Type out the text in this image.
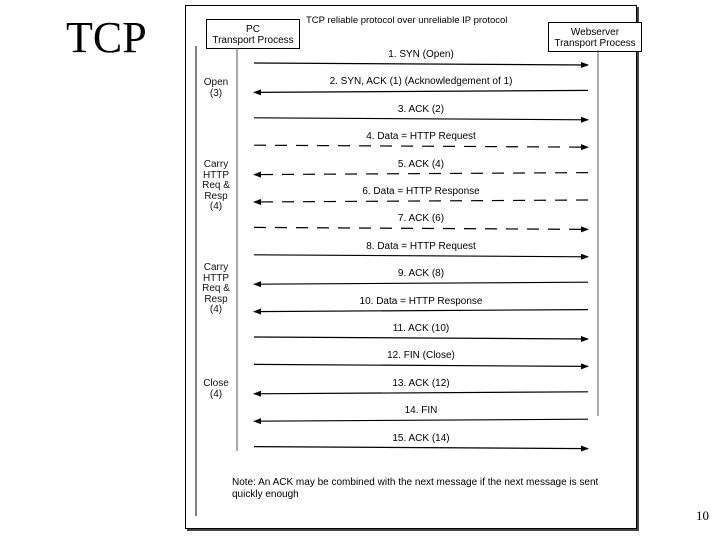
TCP	TCP reliable protocol over unreliable IP protocol
PC
Transport Process
Webserver
Transport Process
1. SYN (Open)
2. SYN, ACK (1) (Acknowledgement of 1)
3. ACK (2)
4. Data = HTTP Request
5. ACK (4)
6. Data = HTTP Response
7. ACK (6)
8. Data = HTTP Request
9. ACK (8)
10. Data = HTTP Response
11. ACK (10)
12. FIN (Close)
13. ACK (12)
14. FIN
15. ACK (14)
Open
(3)
Carry
HTTP
Req &
Resp
(4)
Carry
HTTP
Req &
Resp
(4)
Close
(4)
Note: An ACK may be combined with the next message if the next message is sent quickly enough
10
